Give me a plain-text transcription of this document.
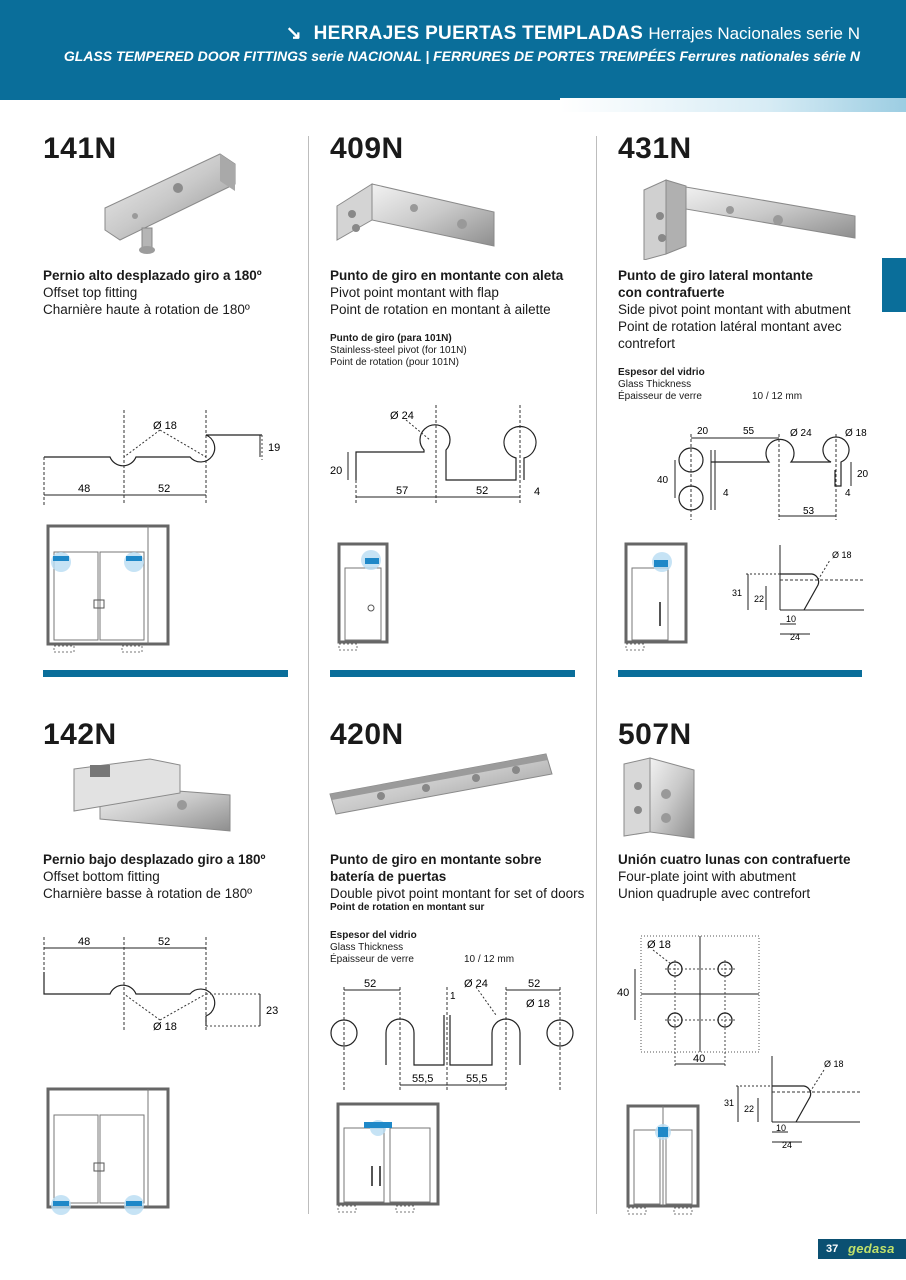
↘ HERRAJES PUERTAS TEMPLADAS Herrajes Nacionales serie N
GLASS TEMPERED DOOR FITTINGS serie NACIONAL | FERRURES DE PORTES TREMPÉES Ferrures nationales série N
141N
Pernio alto desplazado giro a 180º
Offset top fitting
Charnière haute à rotation de 180º
Ø 18
19
48	52
409N
Punto de giro en montante con aleta
Pivot point montant with flap
Point de rotation en montant à ailette
Punto de giro (para 101N)
Stainless-steel pivot (for 101N)
Point de rotation (pour 101N)
Ø 24
20
57	52	4
431N
Punto de giro lateral montante
con contrafuerte
Side pivot point montant with abutment
Point de rotation latéral montant avec
contrefort
Espesor del vidrio
Glass Thickness
Épaisseur de verre	10 / 12 mm
20	55	Ø 24	Ø 18
40
20
4	4
53
Ø 18
31
22
10
24
142N
Pernio bajo desplazado giro a 180º
Offset bottom fitting
Charnière basse à rotation de 180º
48	52
23
Ø 18
420N
Punto de giro en montante sobre
batería de puertas
Double pivot point montant for set of doors
Point de rotation en montant sur
Espesor del vidrio
Glass Thickness
Épaisseur de verre	10 / 12 mm
52	Ø 24	52
Ø 18
1
55,5	55,5
507N
Unión cuatro lunas con contrafuerte
Four-plate joint with abutment
Union quadruple avec contrefort
Ø 18
40
40	Ø 18
31
22
10
24
37 gedasa
